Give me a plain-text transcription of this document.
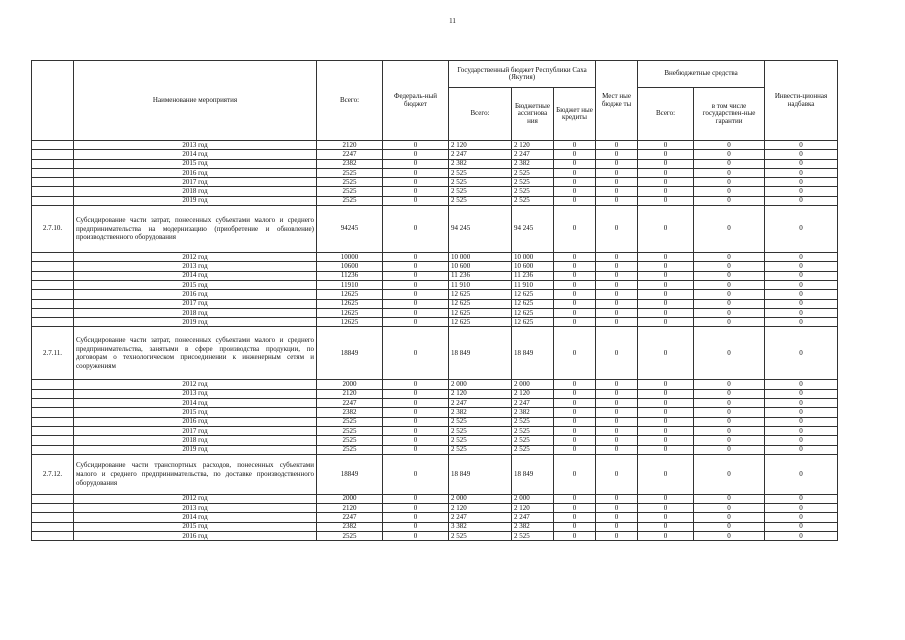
11
	Наименование мероприятия	Всего:	Федераль-ный бюджет	Государственный бюджет Республики Саха (Якутия)			Мест ные бюдже ты	Внебюджетные средства		Инвести-ционная надбавка
				Всего:	Бюджетные ассигнова ния	Бюджет ные кредиты		Всего:	в том числе государствен-ные гарантии	
	2013 год	2120	0	2 120	2 120	0	0	0	0	0
	2014 год	2247	0	2 247	2 247	0	0	0	0	0
	2015 год	2382	0	2 382	2 382	0	0	0	0	0
	2016 год	2525	0	2 525	2 525	0	0	0	0	0
	2017 год	2525	0	2 525	2 525	0	0	0	0	0
	2018 год	2525	0	2 525	2 525	0	0	0	0	0
	2019 год	2525	0	2 525	2 525	0	0	0	0	0
2.7.10.	Субсидирование части затрат, понесенных субъектами малого и среднего предпринимательства на модернизацию (приобретение и обновление) производственного оборудования	94245	0	94 245	94 245	0	0	0	0	0
	2012 год	10000	0	10 000	10 000	0	0	0	0	0
	2013 год	10600	0	10 600	10 600	0	0	0	0	0
	2014 год	11236	0	11 236	11 236	0	0	0	0	0
	2015 год	11910	0	11 910	11 910	0	0	0	0	0
	2016 год	12625	0	12 625	12 625	0	0	0	0	0
	2017 год	12625	0	12 625	12 625	0	0	0	0	0
	2018 год	12625	0	12 625	12 625	0	0	0	0	0
	2019 год	12625	0	12 625	12 625	0	0	0	0	0
2.7.11.	Субсидирование части затрат, понесенных субъектами малого и среднего предпринимательства, занятыми в сфере производства продукции, по договорам о технологическом присоединении к инженерным сетям и сооружениям	18849	0	18 849	18 849	0	0	0	0	0
	2012 год	2000	0	2 000	2 000	0	0	0	0	0
	2013 год	2120	0	2 120	2 120	0	0	0	0	0
	2014 год	2247	0	2 247	2 247	0	0	0	0	0
	2015 год	2382	0	2 382	2 382	0	0	0	0	0
	2016 год	2525	0	2 525	2 525	0	0	0	0	0
	2017 год	2525	0	2 525	2 525	0	0	0	0	0
	2018 год	2525	0	2 525	2 525	0	0	0	0	0
	2019 год	2525	0	2 525	2 525	0	0	0	0	0
2.7.12.	Субсидирование части транспортных расходов, понесенных субъектами малого и среднего предпринимательства, по доставке производственного оборудования	18849	0	18 849	18 849	0	0	0	0	0
	2012 год	2000	0	2 000	2 000	0	0	0	0	0
	2013 год	2120	0	2 120	2 120	0	0	0	0	0
	2014 год	2247	0	2 247	2 247	0	0	0	0	0
	2015 год	2382	0	3 382	2 382	0	0	0	0	0
	2016 год	2525	0	2 525	2 525	0	0	0	0	0
